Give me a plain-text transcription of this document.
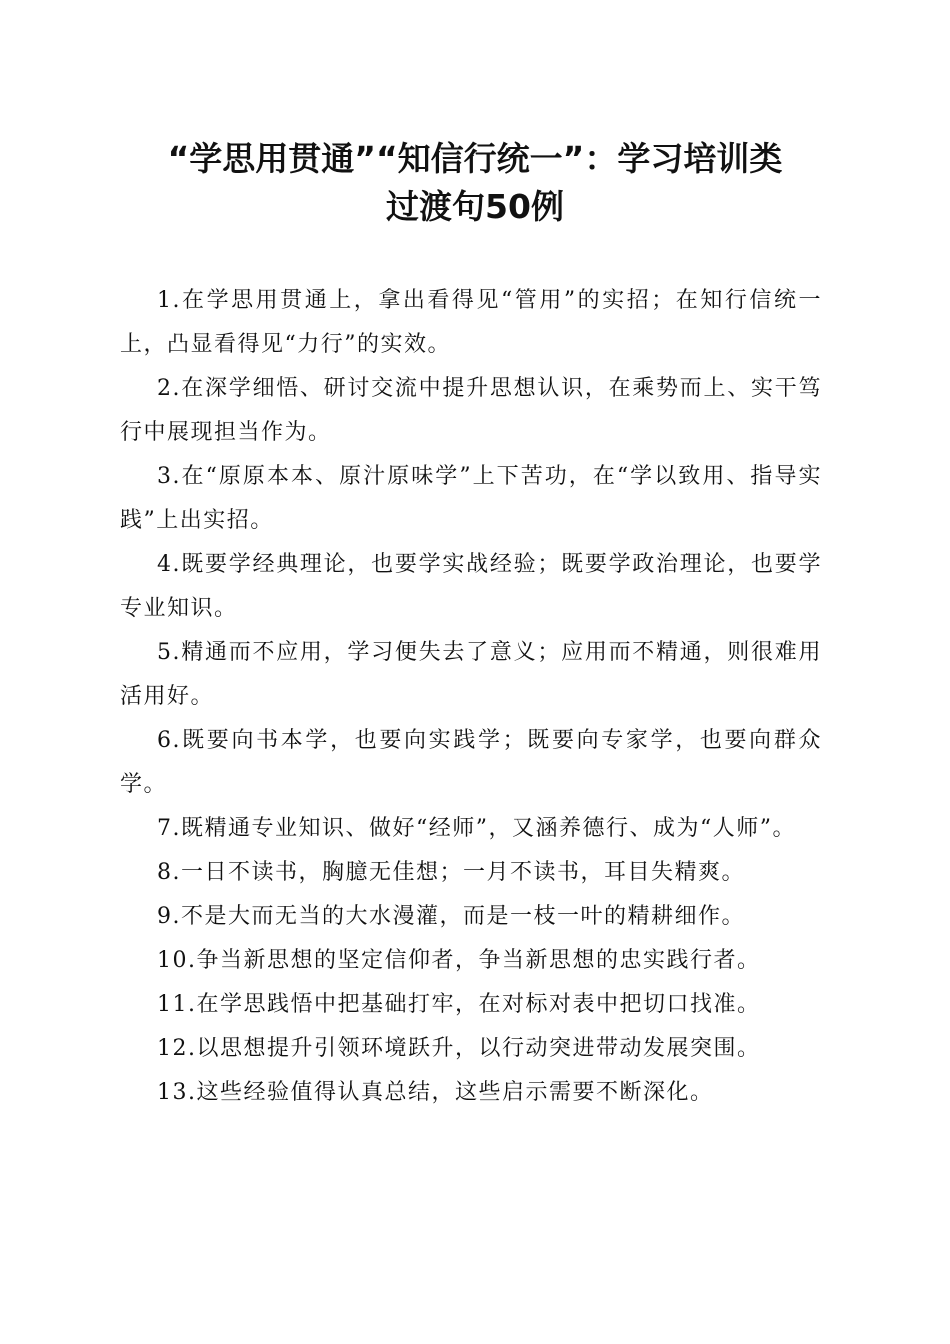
“学思用贯通”“知信行统一”：学习培训类
过渡句50例

1.在学思用贯通上，拿出看得见“管用”的实招；在知行信统一上，凸显看得见“力行”的实效。

2.在深学细悟、研讨交流中提升思想认识，在乘势而上、实干笃行中展现担当作为。

3.在“原原本本、原汁原味学”上下苦功，在“学以致用、指导实践”上出实招。

4.既要学经典理论，也要学实战经验；既要学政治理论，也要学专业知识。

5.精通而不应用，学习便失去了意义；应用而不精通，则很难用活用好。

6.既要向书本学，也要向实践学；既要向专家学，也要向群众学。

7.既精通专业知识、做好“经师”，又涵养德行、成为“人师”。

8.一日不读书，胸臆无佳想；一月不读书，耳目失精爽。

9.不是大而无当的大水漫灌，而是一枝一叶的精耕细作。

10.争当新思想的坚定信仰者，争当新思想的忠实践行者。

11.在学思践悟中把基础打牢，在对标对表中把切口找准。

12.以思想提升引领环境跃升，以行动突进带动发展突围。

13.这些经验值得认真总结，这些启示需要不断深化。
